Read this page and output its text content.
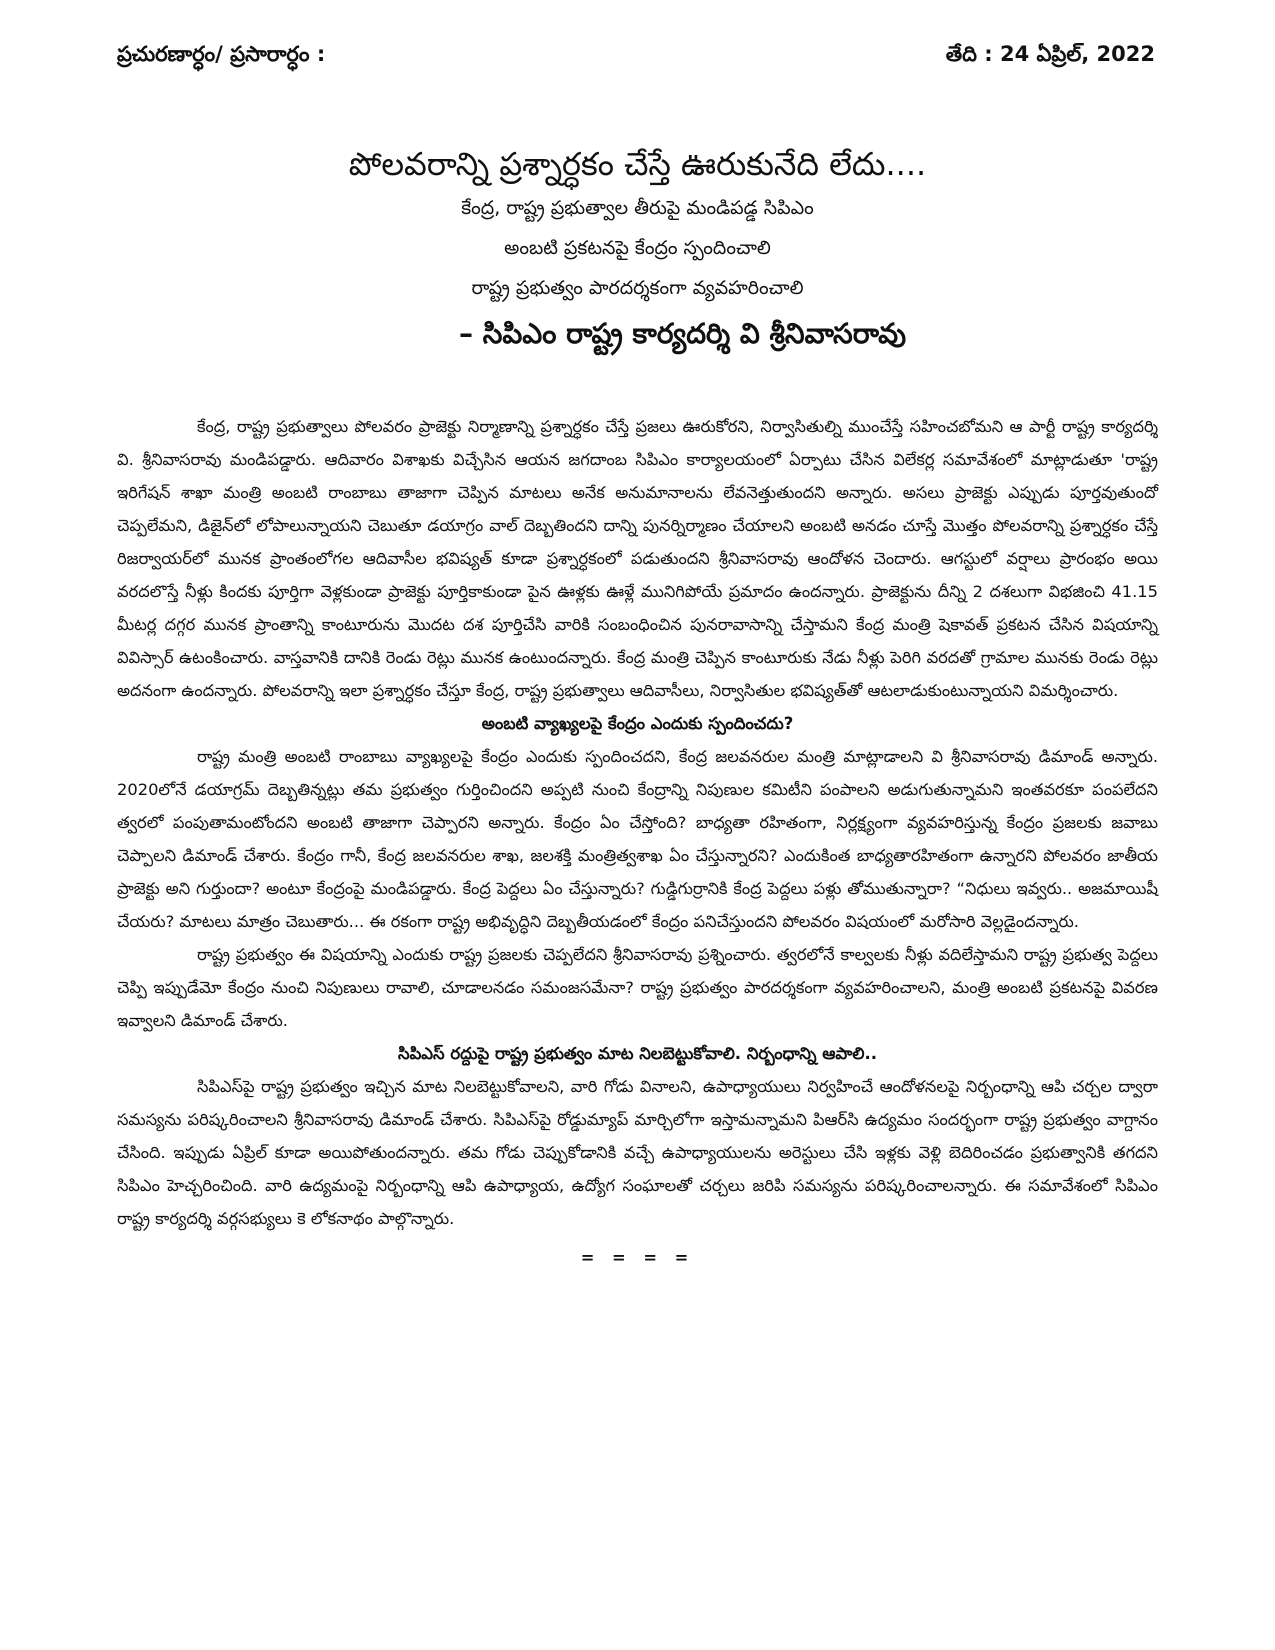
ప్రచురణార్ధం/ ప్రసారార్ధం :	తేది : 24 ఏప్రిల్, 2022
పోలవరాన్ని ప్రశ్నార్ధకం చేస్తే ఊరుకునేది లేదు....
కేంద్ర, రాష్ట్ర ప్రభుత్వాల తీరుపై మండిపడ్డ సిపిఎం
అంబటి ప్రకటనపై కేంద్రం స్పందించాలి
రాష్ట్ర ప్రభుత్వం పారదర్శకంగా వ్యవహరించాలి
– సిపిఎం రాష్ట్ర కార్యదర్శి వి శ్రీనివాసరావు

కేంద్ర, రాష్ట్ర ప్రభుత్వాలు పోలవరం ప్రాజెక్టు నిర్మాణాన్ని ప్రశ్నార్ధకం చేస్తే ప్రజలు ఊరుకోరని, నిర్వాసితుల్ని ముంచేస్తే సహించబోమని ఆ పార్టీ రాష్ట్ర కార్యదర్శి వి. శ్రీనివాసరావు మండిపడ్డారు. ఆదివారం విశాఖకు విచ్చేసిన ఆయన జగదాంబ సిపిఎం కార్యాలయంలో ఏర్పాటు చేసిన విలేకర్ల సమావేశంలో మాట్లాడుతూ 'రాష్ట్ర ఇరిగేషన్ శాఖా మంత్రి అంబటి రాంబాబు తాజాగా చెప్పిన మాటలు అనేక అనుమానాలను లేవనెత్తుతుందని అన్నారు. అసలు ప్రాజెక్టు ఎప్పుడు పూర్తవుతుందో చెప్పలేమని, డిజైన్‌లో లోపాలున్నాయని చెబుతూ డయాగ్రం వాల్ దెబ్బతిందని దాన్ని పునర్నిర్మాణం చేయాలని అంబటి అనడం చూస్తే మొత్తం పోలవరాన్ని ప్రశ్నార్ధకం చేస్తే రిజర్వాయర్‌లో మునక ప్రాంతంలోగల ఆదివాసీల భవిష్యత్ కూడా ప్రశ్నార్ధకంలో పడుతుందని శ్రీనివాసరావు ఆందోళన చెందారు. ఆగస్టులో వర్షాలు ప్రారంభం అయి వరదలొస్తే నీళ్లు కిందకు పూర్తిగా వెళ్లకుండా ప్రాజెక్టు పూర్తికాకుండా పైన ఊళ్లకు ఊళ్లే మునిగిపోయే ప్రమాదం ఉందన్నారు. ప్రాజెక్టును దీన్ని 2 దశలుగా విభజించి 41.15 మీటర్ల దగ్గర మునక ప్రాంతాన్ని కాంటూరును మొదట దశ పూర్తిచేసి వారికి సంబంధించిన పునరావాసాన్ని చేస్తామని కేంద్ర మంత్రి షెకావత్ ప్రకటన చేసిన విషయాన్ని వివిస్సార్ ఉటంకించారు. వాస్తవానికి దానికి రెండు రెట్లు మునక ఉంటుందన్నారు. కేంద్ర మంత్రి చెప్పిన కాంటూరుకు నేడు నీళ్లు పెరిగి వరదతో గ్రామాల మునకు రెండు రెట్లు అదనంగా ఉందన్నారు. పోలవరాన్ని ఇలా ప్రశ్నార్ధకం చేస్తూ కేంద్ర, రాష్ట్ర ప్రభుత్వాలు ఆదివాసీలు, నిర్వాసితుల భవిష్యత్‌తో ఆటలాడుకుంటున్నాయని విమర్శించారు.

అంబటి వ్యాఖ్యలపై కేంద్రం ఎందుకు స్పందించదు?

రాష్ట్ర మంత్రి అంబటి రాంబాబు వ్యాఖ్యలపై కేంద్రం ఎందుకు స్పందించదని, కేంద్ర జలవనరుల మంత్రి మాట్లాడాలని వి శ్రీనివాసరావు డిమాండ్ అన్నారు. 2020లోనే డయాగ్రమ్ దెబ్బతిన్నట్లు తమ ప్రభుత్వం గుర్తించిందని అప్పటి నుంచి కేంద్రాన్ని నిపుణుల కమిటీని పంపాలని అడుగుతున్నామని ఇంతవరకూ పంపలేదని త్వరలో పంపుతామంటోందని అంబటి తాజాగా చెప్పారని అన్నారు. కేంద్రం ఏం చేస్తోంది? బాధ్యతా రహితంగా, నిర్లక్ష్యంగా వ్యవహరిస్తున్న కేంద్రం ప్రజలకు జవాబు చెప్పాలని డిమాండ్ చేశారు. కేంద్రం గానీ, కేంద్ర జలవనరుల శాఖ, జలశక్తి మంత్రిత్వశాఖ ఏం చేస్తున్నారని? ఎందుకింత బాధ్యతారహితంగా ఉన్నారని పోలవరం జాతీయ ప్రాజెక్టు అని గుర్తుందా? అంటూ కేంద్రంపై మండిపడ్డారు. కేంద్ర పెద్దలు ఏం చేస్తున్నారు? గుడ్డిగుర్రానికి కేంద్ర పెద్దలు పళ్లు తోముతున్నారా? “నిధులు ఇవ్వరు.. అజమాయిషీ చేయరు? మాటలు మాత్రం చెబుతారు... ఈ రకంగా రాష్ట్ర అభివృద్ధిని దెబ్బతీయడంలో కేంద్రం పనిచేస్తుందని పోలవరం విషయంలో మరోసారి వెల్లడైందన్నారు.

రాష్ట్ర ప్రభుత్వం ఈ విషయాన్ని ఎందుకు రాష్ట్ర ప్రజలకు చెప్పలేదని శ్రీనివాసరావు ప్రశ్నించారు. త్వరలోనే కాల్వలకు నీళ్లు వదిలేస్తామని రాష్ట్ర ప్రభుత్వ పెద్దలు చెప్పి ఇప్పుడేమో కేంద్రం నుంచి నిపుణులు రావాలి, చూడాలనడం సమంజసమేనా? రాష్ట్ర ప్రభుత్వం పారదర్శకంగా వ్యవహరించాలని, మంత్రి అంబటి ప్రకటనపై వివరణ ఇవ్వాలని డిమాండ్ చేశారు.

సిపిఎస్ రద్దుపై రాష్ట్ర ప్రభుత్వం మాట నిలబెట్టుకోవాలి. నిర్బంధాన్ని ఆపాలి..

సిపిఎస్‌పై రాష్ట్ర ప్రభుత్వం ఇచ్చిన మాట నిలబెట్టుకోవాలని, వారి గోడు వినాలని, ఉపాధ్యాయులు నిర్వహించే ఆందోళనలపై నిర్బంధాన్ని ఆపి చర్చల ద్వారా సమస్యను పరిష్కరించాలని శ్రీనివాసరావు డిమాండ్ చేశారు. సిపిఎస్‌పై రోడ్డుమ్యాప్ మార్చిలోగా ఇస్తామన్నామని పిఆర్‌సి ఉద్యమం సందర్భంగా రాష్ట్ర ప్రభుత్వం వాగ్దానం చేసింది. ఇప్పుడు ఏప్రిల్ కూడా అయిపోతుందన్నారు. తమ గోడు చెప్పుకోడానికి వచ్చే ఉపాధ్యాయులను అరెస్టులు చేసి ఇళ్లకు వెళ్లి బెదిరించడం ప్రభుత్వానికి తగదని సిపిఎం హెచ్చరించింది. వారి ఉద్యమంపై నిర్బంధాన్ని ఆపి ఉపాధ్యాయ, ఉద్యోగ సంఘాలతో చర్చలు జరిపి సమస్యను పరిష్కరించాలన్నారు. ఈ సమావేశంలో సిపిఎం రాష్ట్ర కార్యదర్శి వర్గసభ్యులు కె లోకనాథం పాల్గొన్నారు.

= = = =
